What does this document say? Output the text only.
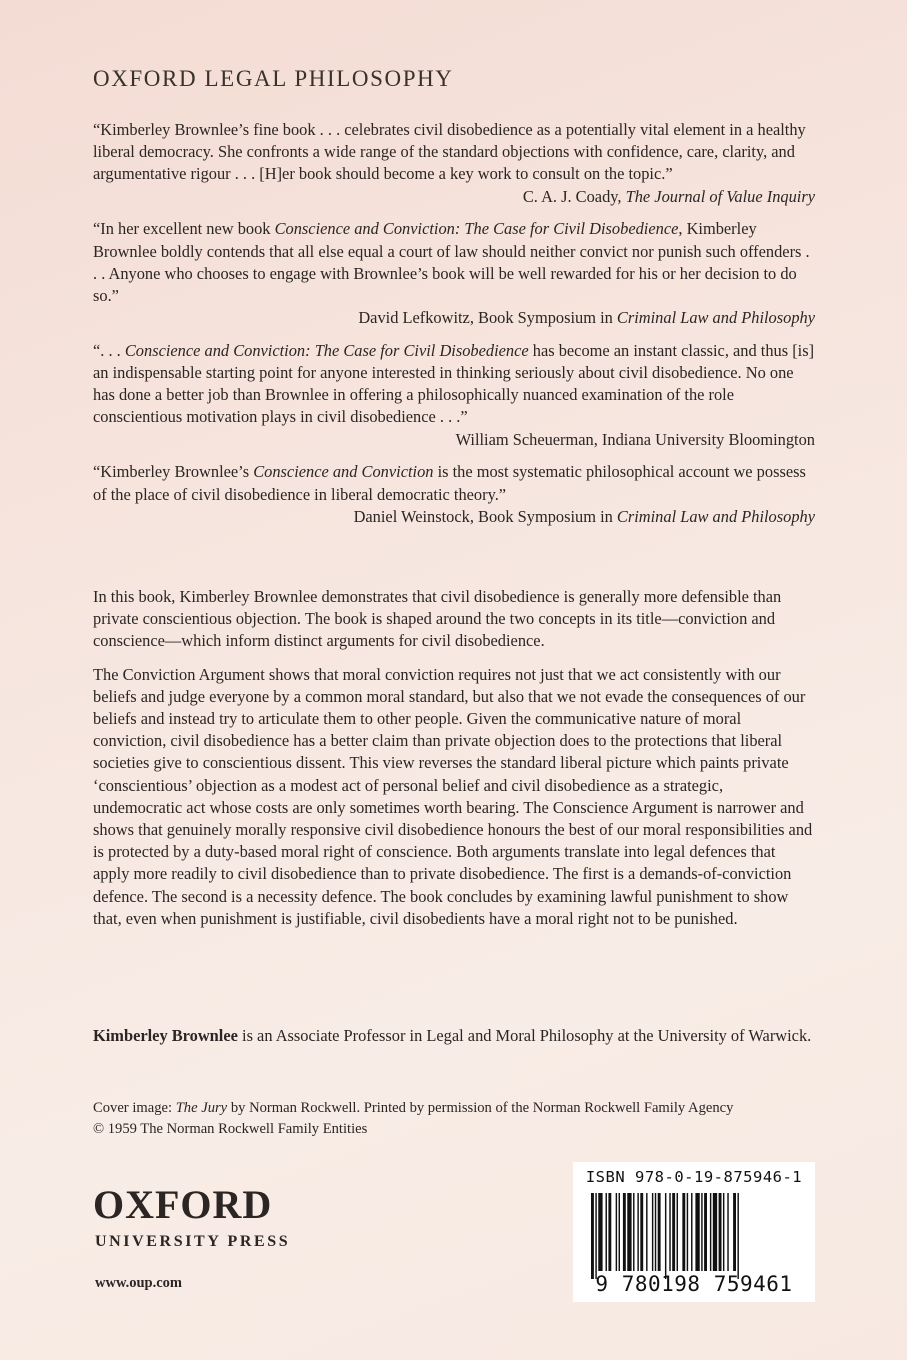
OXFORD LEGAL PHILOSOPHY
“Kimberley Brownlee’s fine book . . . celebrates civil disobedience as a potentially vital element in a healthy liberal democracy. She confronts a wide range of the standard objections with confidence, care, clarity, and argumentative rigour . . . [H]er book should become a key work to consult on the topic.”
C. A. J. Coady, The Journal of Value Inquiry
“In her excellent new book Conscience and Conviction: The Case for Civil Disobedience, Kimberley Brownlee boldly contends that all else equal a court of law should neither convict nor punish such offenders . . . Anyone who chooses to engage with Brownlee’s book will be well rewarded for his or her decision to do so.”
David Lefkowitz, Book Symposium in Criminal Law and Philosophy
“. . . Conscience and Conviction: The Case for Civil Disobedience has become an instant classic, and thus [is] an indispensable starting point for anyone interested in thinking seriously about civil disobedience. No one has done a better job than Brownlee in offering a philosophically nuanced examination of the role conscientious motivation plays in civil disobedience . . .”
William Scheuerman, Indiana University Bloomington
“Kimberley Brownlee’s Conscience and Conviction is the most systematic philosophical account we possess of the place of civil disobedience in liberal democratic theory.”
Daniel Weinstock, Book Symposium in Criminal Law and Philosophy

In this book, Kimberley Brownlee demonstrates that civil disobedience is generally more defensible than private conscientious objection. The book is shaped around the two concepts in its title—conviction and conscience—which inform distinct arguments for civil disobedience.

The Conviction Argument shows that moral conviction requires not just that we act consistently with our beliefs and judge everyone by a common moral standard, but also that we not evade the consequences of our beliefs and instead try to articulate them to other people. Given the communicative nature of moral conviction, civil disobedience has a better claim than private objection does to the protections that liberal societies give to conscientious dissent. This view reverses the standard liberal picture which paints private ‘conscientious’ objection as a modest act of personal belief and civil disobedience as a strategic, undemocratic act whose costs are only sometimes worth bearing. The Conscience Argument is narrower and shows that genuinely morally responsive civil disobedience honours the best of our moral responsibilities and is protected by a duty-based moral right of conscience. Both arguments translate into legal defences that apply more readily to civil disobedience than to private disobedience. The first is a demands-of-conviction defence. The second is a necessity defence. The book concludes by examining lawful punishment to show that, even when punishment is justifiable, civil disobedients have a moral right not to be punished.

Kimberley Brownlee is an Associate Professor in Legal and Moral Philosophy at the University of Warwick.
Cover image: The Jury by Norman Rockwell. Printed by permission of the Norman Rockwell Family Agency
© 1959 The Norman Rockwell Family Entities
OXFORD
UNIVERSITY PRESS
www.oup.com
ISBN 978-0-19-875946-1
9 780198 759461
